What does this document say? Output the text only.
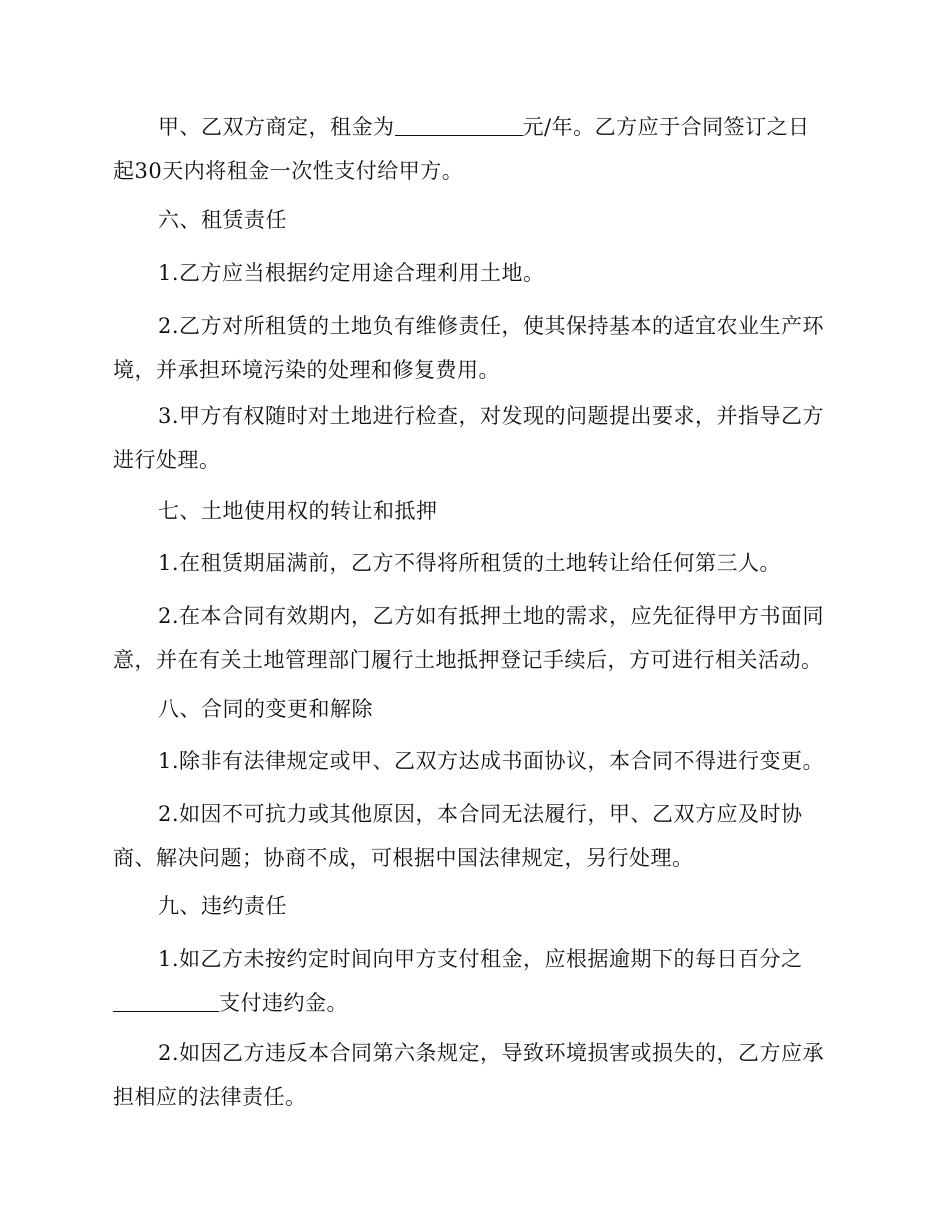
甲、乙双方商定，租金为	元/年。乙方应于合同签订之日
起30天内将租金一次性支付给甲方。

六、租赁责任

1.乙方应当根据约定用途合理利用土地。

2.乙方对所租赁的土地负有维修责任，使其保持基本的适宜农业生产环
境，并承担环境污染的处理和修复费用。

3.甲方有权随时对土地进行检查，对发现的问题提出要求，并指导乙方
进行处理。

七、土地使用权的转让和抵押

1.在租赁期届满前，乙方不得将所租赁的土地转让给任何第三人。

2.在本合同有效期内，乙方如有抵押土地的需求，应先征得甲方书面同
意，并在有关土地管理部门履行土地抵押登记手续后，方可进行相关活动。

八、合同的变更和解除

1.除非有法律规定或甲、乙双方达成书面协议，本合同不得进行变更。

2.如因不可抗力或其他原因，本合同无法履行，甲、乙双方应及时协
商、解决问题；协商不成，可根据中国法律规定，另行处理。

九、违约责任

1.如乙方未按约定时间向甲方支付租金，应根据逾期下的每日百分之
支付违约金。

2.如因乙方违反本合同第六条规定，导致环境损害或损失的，乙方应承
担相应的法律责任。
